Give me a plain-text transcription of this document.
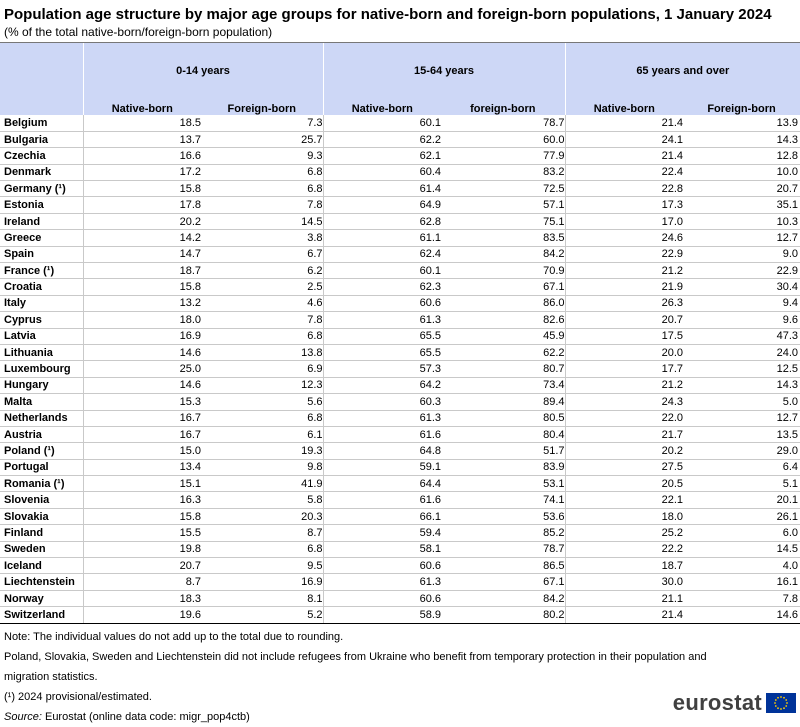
Population age structure by major age groups for native-born and foreign-born populations, 1 January 2024
(% of the total native-born/foreign-born population)
	0-14 years		15-64 years		65 years and over	
	Native-born	Foreign-born	Native-born	foreign-born	Native-born	Foreign-born
Belgium	18.5	7.3	60.1	78.7	21.4	13.9
Bulgaria	13.7	25.7	62.2	60.0	24.1	14.3
Czechia	16.6	9.3	62.1	77.9	21.4	12.8
Denmark	17.2	6.8	60.4	83.2	22.4	10.0
Germany (¹)	15.8	6.8	61.4	72.5	22.8	20.7
Estonia	17.8	7.8	64.9	57.1	17.3	35.1
Ireland	20.2	14.5	62.8	75.1	17.0	10.3
Greece	14.2	3.8	61.1	83.5	24.6	12.7
Spain	14.7	6.7	62.4	84.2	22.9	9.0
France (¹)	18.7	6.2	60.1	70.9	21.2	22.9
Croatia	15.8	2.5	62.3	67.1	21.9	30.4
Italy	13.2	4.6	60.6	86.0	26.3	9.4
Cyprus	18.0	7.8	61.3	82.6	20.7	9.6
Latvia	16.9	6.8	65.5	45.9	17.5	47.3
Lithuania	14.6	13.8	65.5	62.2	20.0	24.0
Luxembourg	25.0	6.9	57.3	80.7	17.7	12.5
Hungary	14.6	12.3	64.2	73.4	21.2	14.3
Malta	15.3	5.6	60.3	89.4	24.3	5.0
Netherlands	16.7	6.8	61.3	80.5	22.0	12.7
Austria	16.7	6.1	61.6	80.4	21.7	13.5
Poland (¹)	15.0	19.3	64.8	51.7	20.2	29.0
Portugal	13.4	9.8	59.1	83.9	27.5	6.4
Romania (¹)	15.1	41.9	64.4	53.1	20.5	5.1
Slovenia	16.3	5.8	61.6	74.1	22.1	20.1
Slovakia	15.8	20.3	66.1	53.6	18.0	26.1
Finland	15.5	8.7	59.4	85.2	25.2	6.0
Sweden	19.8	6.8	58.1	78.7	22.2	14.5
Iceland	20.7	9.5	60.6	86.5	18.7	4.0
Liechtenstein	8.7	16.9	61.3	67.1	30.0	16.1
Norway	18.3	8.1	60.6	84.2	21.1	7.8
Switzerland	19.6	5.2	58.9	80.2	21.4	14.6
Note: The individual values do not add up to the total due to rounding.
Poland, Slovakia, Sweden and Liechtenstein did not include refugees from Ukraine who benefit from temporary protection in their population and migration statistics.
(¹) 2024 provisional/estimated.
Source: Eurostat (online data code: migr_pop4ctb)
eurostat
